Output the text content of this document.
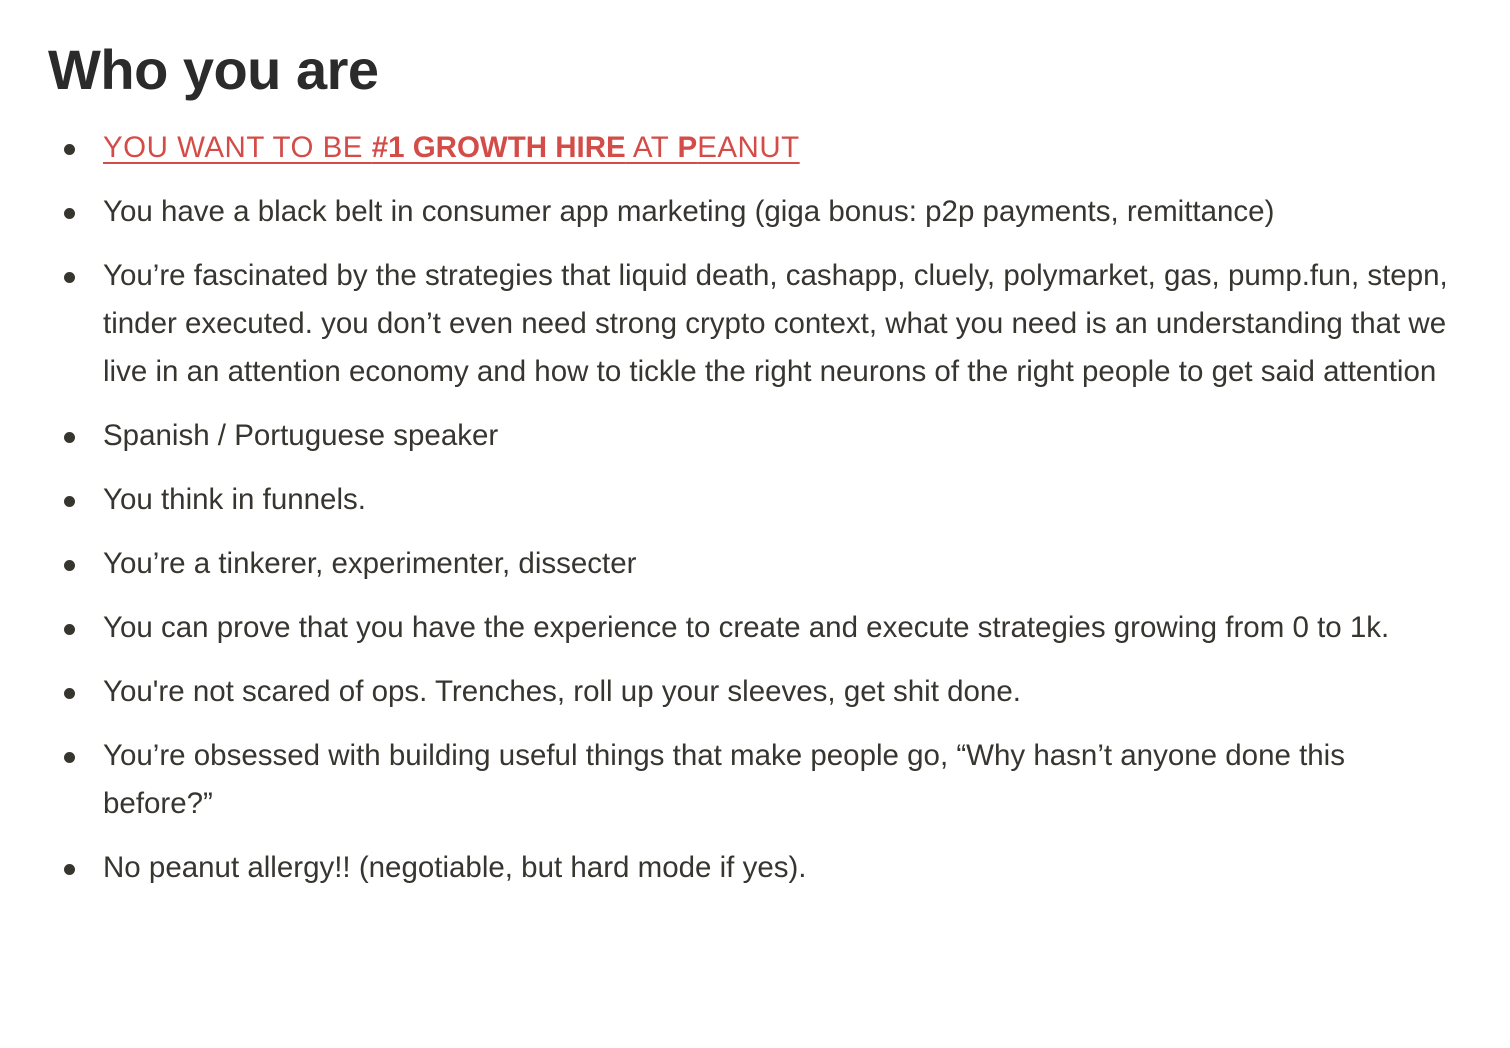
Who you are
YOU WANT TO BE #1 GROWTH HIRE AT PEANUT
You have a black belt in consumer app marketing (giga bonus: p2p payments, remittance)
You’re fascinated by the strategies that liquid death, cashapp, cluely, polymarket, gas, pump.fun, stepn, tinder executed. you don’t even need strong crypto context, what you need is an understanding that we live in an attention economy and how to tickle the right neurons of the right people to get said attention
Spanish / Portuguese speaker
You think in funnels.
You’re a tinkerer, experimenter, dissecter
You can prove that you have the experience to create and execute strategies growing from 0 to 1k.
You're not scared of ops. Trenches, roll up your sleeves, get shit done.
You’re obsessed with building useful things that make people go, “Why hasn’t anyone done this before?”
No peanut allergy!! (negotiable, but hard mode if yes).
